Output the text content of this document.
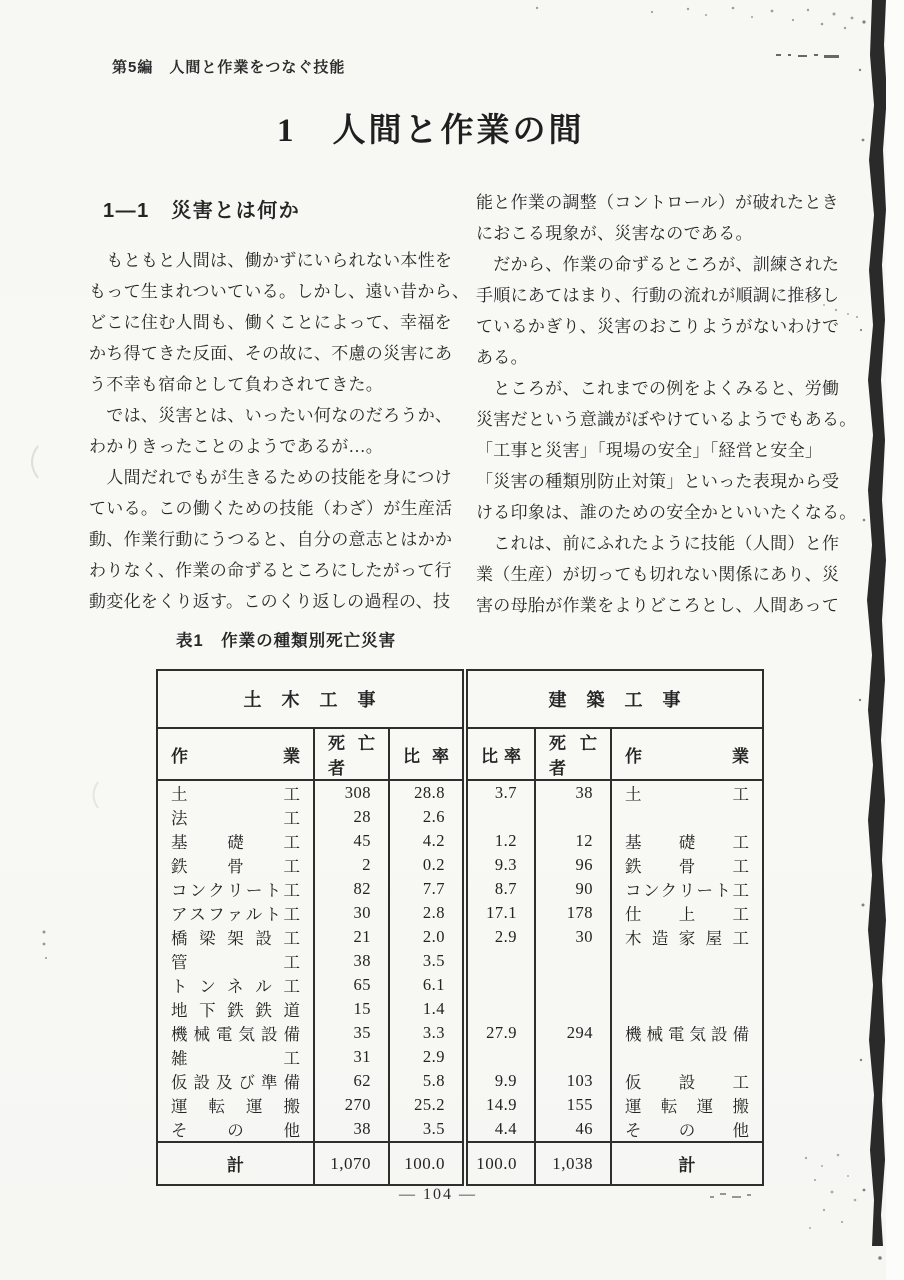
第5編　人間と作業をつなぐ技能
1　人間と作業の間
1―1　災害とは何か
　もともと人間は、働かずにいられない本性を
もって生まれついている。しかし、遠い昔から、
どこに住む人間も、働くことによって、幸福を
かち得てきた反面、その故に、不慮の災害にあ
う不幸も宿命として負わされてきた。
　では、災害とは、いったい何なのだろうか、
わかりきったことのようであるが…。
　人間だれでもが生きるための技能を身につけ
ている。この働くための技能（わざ）が生産活
動、作業行動にうつると、自分の意志とはかか
わりなく、作業の命ずるところにしたがって行
動変化をくり返す。このくり返しの過程の、技
能と作業の調整（コントロール）が破れたとき
におこる現象が、災害なのである。
　だから、作業の命ずるところが、訓練された
手順にあてはまり、行動の流れが順調に推移し
ているかぎり、災害のおこりようがないわけで
ある。
　ところが、これまでの例をよくみると、労働
災害だという意識がぼやけているようでもある。
「工事と災害」「現場の安全」「経営と安全」
「災害の種類別防止対策」といった表現から受
ける印象は、誰のための安全かといいたくなる。
　これは、前にふれたように技能（人間）と作
業（生産）が切っても切れない関係にあり、災
害の母胎が作業をよりどころとし、人間あって
表1　作業の種類別死亡災害
土　木　工　事			建　築　工　事		
作業	死亡者	比率	比率	死亡者	作業
土工	308	28.8	3.7	38	土工
法工	28	2.6			
基礎工	45	4.2	1.2	12	基礎工
鉄骨工	2	0.2	9.3	96	鉄骨工
コンクリート工	82	7.7	8.7	90	コンクリート工
アスファルト工	30	2.8	17.1	178	仕上工
橋梁架設工	21	2.0	2.9	30	木造家屋工
管工	38	3.5			
トンネル工	65	6.1			
地下鉄鉄道	15	1.4			
機械電気設備	35	3.3	27.9	294	機械電気設備
雑工	31	2.9			
仮設及び準備	62	5.8	9.9	103	仮設工
運転運搬	270	25.2	14.9	155	運転運搬
その他	38	3.5	4.4	46	その他
計	1,070	100.0	100.0	1,038	計
— 104 —
